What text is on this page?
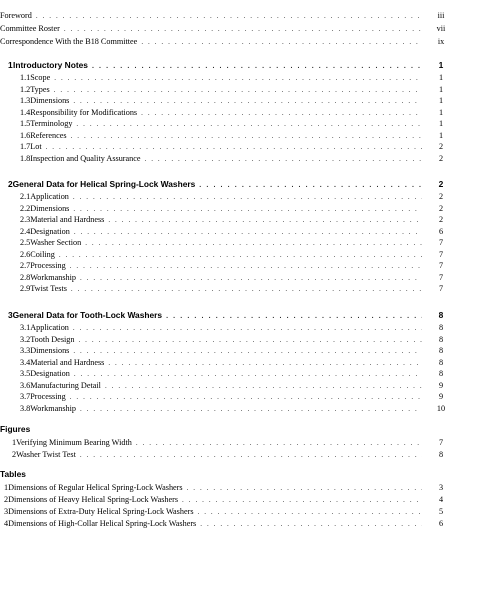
Foreword . . .	iii
Committee Roster . . .	vii
Correspondence With the B18 Committee . . .	ix
1 Introductory Notes . . .	1
1.1 Scope . . .	1
1.2 Types . . .	1
1.3 Dimensions . . .	1
1.4 Responsibility for Modifications . . .	1
1.5 Terminology . . .	1
1.6 References . . .	1
1.7 Lot . . .	2
1.8 Inspection and Quality Assurance . . .	2
2 General Data for Helical Spring-Lock Washers . . .	2
2.1 Application . . .	2
2.2 Dimensions . . .	2
2.3 Material and Hardness . . .	2
2.4 Designation . . .	6
2.5 Washer Section . . .	7
2.6 Coiling . . .	7
2.7 Processing . . .	7
2.8 Workmanship . . .	7
2.9 Twist Tests . . .	7
3 General Data for Tooth-Lock Washers . . .	8
3.1 Application . . .	8
3.2 Tooth Design . . .	8
3.3 Dimensions . . .	8
3.4 Material and Hardness . . .	8
3.5 Designation . . .	8
3.6 Manufacturing Detail . . .	9
3.7 Processing . . .	9
3.8 Workmanship . . .	10
Figures
1 Verifying Minimum Bearing Width . . .	7
2 Washer Twist Test . . .	8
Tables
1 Dimensions of Regular Helical Spring-Lock Washers . . .	3
2 Dimensions of Heavy Helical Spring-Lock Washers . . .	4
3 Dimensions of Extra-Duty Helical Spring-Lock Washers . . .	5
4 Dimensions of High-Collar Helical Spring-Lock Washers . . .	6
